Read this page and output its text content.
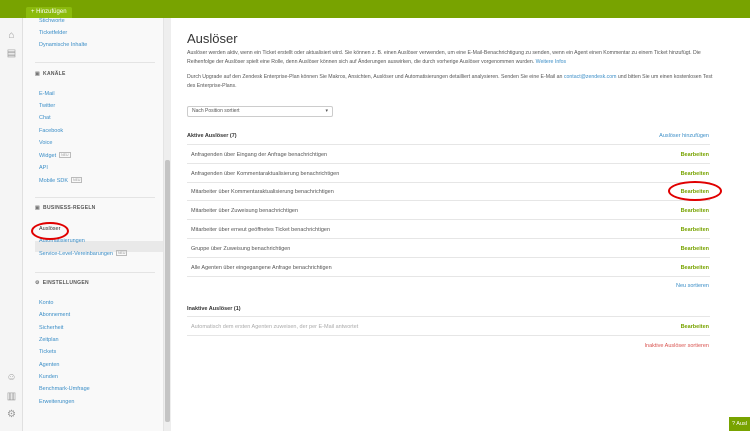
+ Hinzufügen
⌂
▤
☺
▥
⚙
Stichworte
Ticketfelder
Dynamische Inhalte
▣ KANÄLE
E-Mail
Twitter
Chat
Facebook
Voice
Widget NEU
API
Mobile SDK NEU
▣ BUSINESS-REGELN
Auslöser
Automatisierungen
Service-Level-Vereinbarungen NEU
⚙ EINSTELLUNGEN
Konto
Abonnement
Sicherheit
Zeitplan
Tickets
Agenten
Kunden
Benchmark-Umfrage
Erweiterungen
Auslöser
Auslöser werden aktiv, wenn ein Ticket erstellt oder aktualisiert wird. Sie können z. B. einen Auslöser verwenden, um eine E-Mail-Benachrichtigung zu senden, wenn ein Agent einen Kommentar zu einem Ticket hinzufügt. Die Reihenfolge der Auslöser spielt eine Rolle, denn Auslöser können sich auf Änderungen auswirken, die durch vorherige Auslöser vorgenommen wurden. Weitere Infos
Durch Upgrade auf den Zendesk Enterprise-Plan können Sie Makros, Ansichten, Auslöser und Automatisierungen detailliert analysieren. Senden Sie eine E-Mail an contact@zendesk.com und bitten Sie um einen kostenlosen Test des Enterprise-Plans.
Nach Position sortiert	▾
Aktive Auslöser (7)	Auslöser hinzufügen
Anfragenden über Eingang der Anfrage benachrichtigen	Bearbeiten
Anfragenden über Kommentaraktualisierung benachrichtigen	Bearbeiten
Mitarbeiter über Kommentaraktualisierung benachrichtigen	Bearbeiten
Mitarbeiter über Zuweisung benachrichtigen	Bearbeiten
Mitarbeiter über erneut geöffnetes Ticket benachrichtigen	Bearbeiten
Gruppe über Zuweisung benachrichtigen	Bearbeiten
Alle Agenten über eingegangene Anfrage benachrichtigen	Bearbeiten
Neu sortieren
Inaktive Auslöser (1)
Automatisch dem ersten Agenten zuweisen, der per E-Mail antwortet	Bearbeiten
Inaktive Auslöser sortieren
? Ausl
